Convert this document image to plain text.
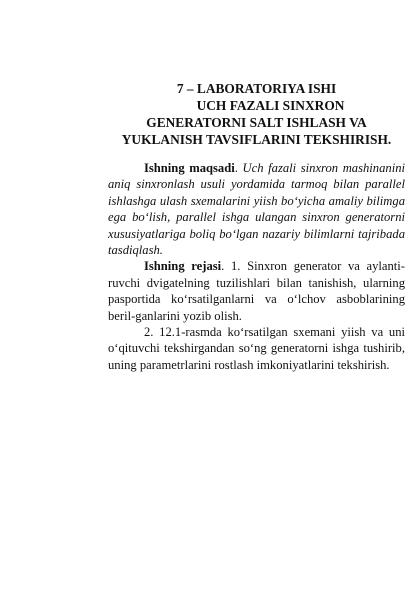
7 – LABORATORIYA ISHI

UCH FAZALI SINXRON

GENERATORNI SALT ISHLASH VA

YUKLANISH TAVSIFLARINI TEKSHIRISH.

Ishning maqsadi. Uch fazali sinxron mashinanini aniq sinxronlash usuli yordamida tarmoq bilan parallel ishlashga ulash sxemalarini yiish bo‘yicha amaliy bilimga ega bo‘lish, parallel ishga ulangan sinxron generatorni xususiyatlariga boliq bo‘lgan nazariy bilimlarni tajribada tasdiqlash.

Ishning rejasi. 1. Sinxron generator va aylanti-ruvchi dvigatelning tuzilishlari bilan tanishish, ularning pasportida ko‘rsatilganlarni va o‘lchov asboblarining beril-ganlarini yozib olish.

2. 12.1-rasmda ko‘rsatilgan sxemani yiish va uni o‘qituvchi tekshirgandan so‘ng generatorni ishga tushirib, uning parametrlarini rostlash imkoniyatlarini tekshirish.
